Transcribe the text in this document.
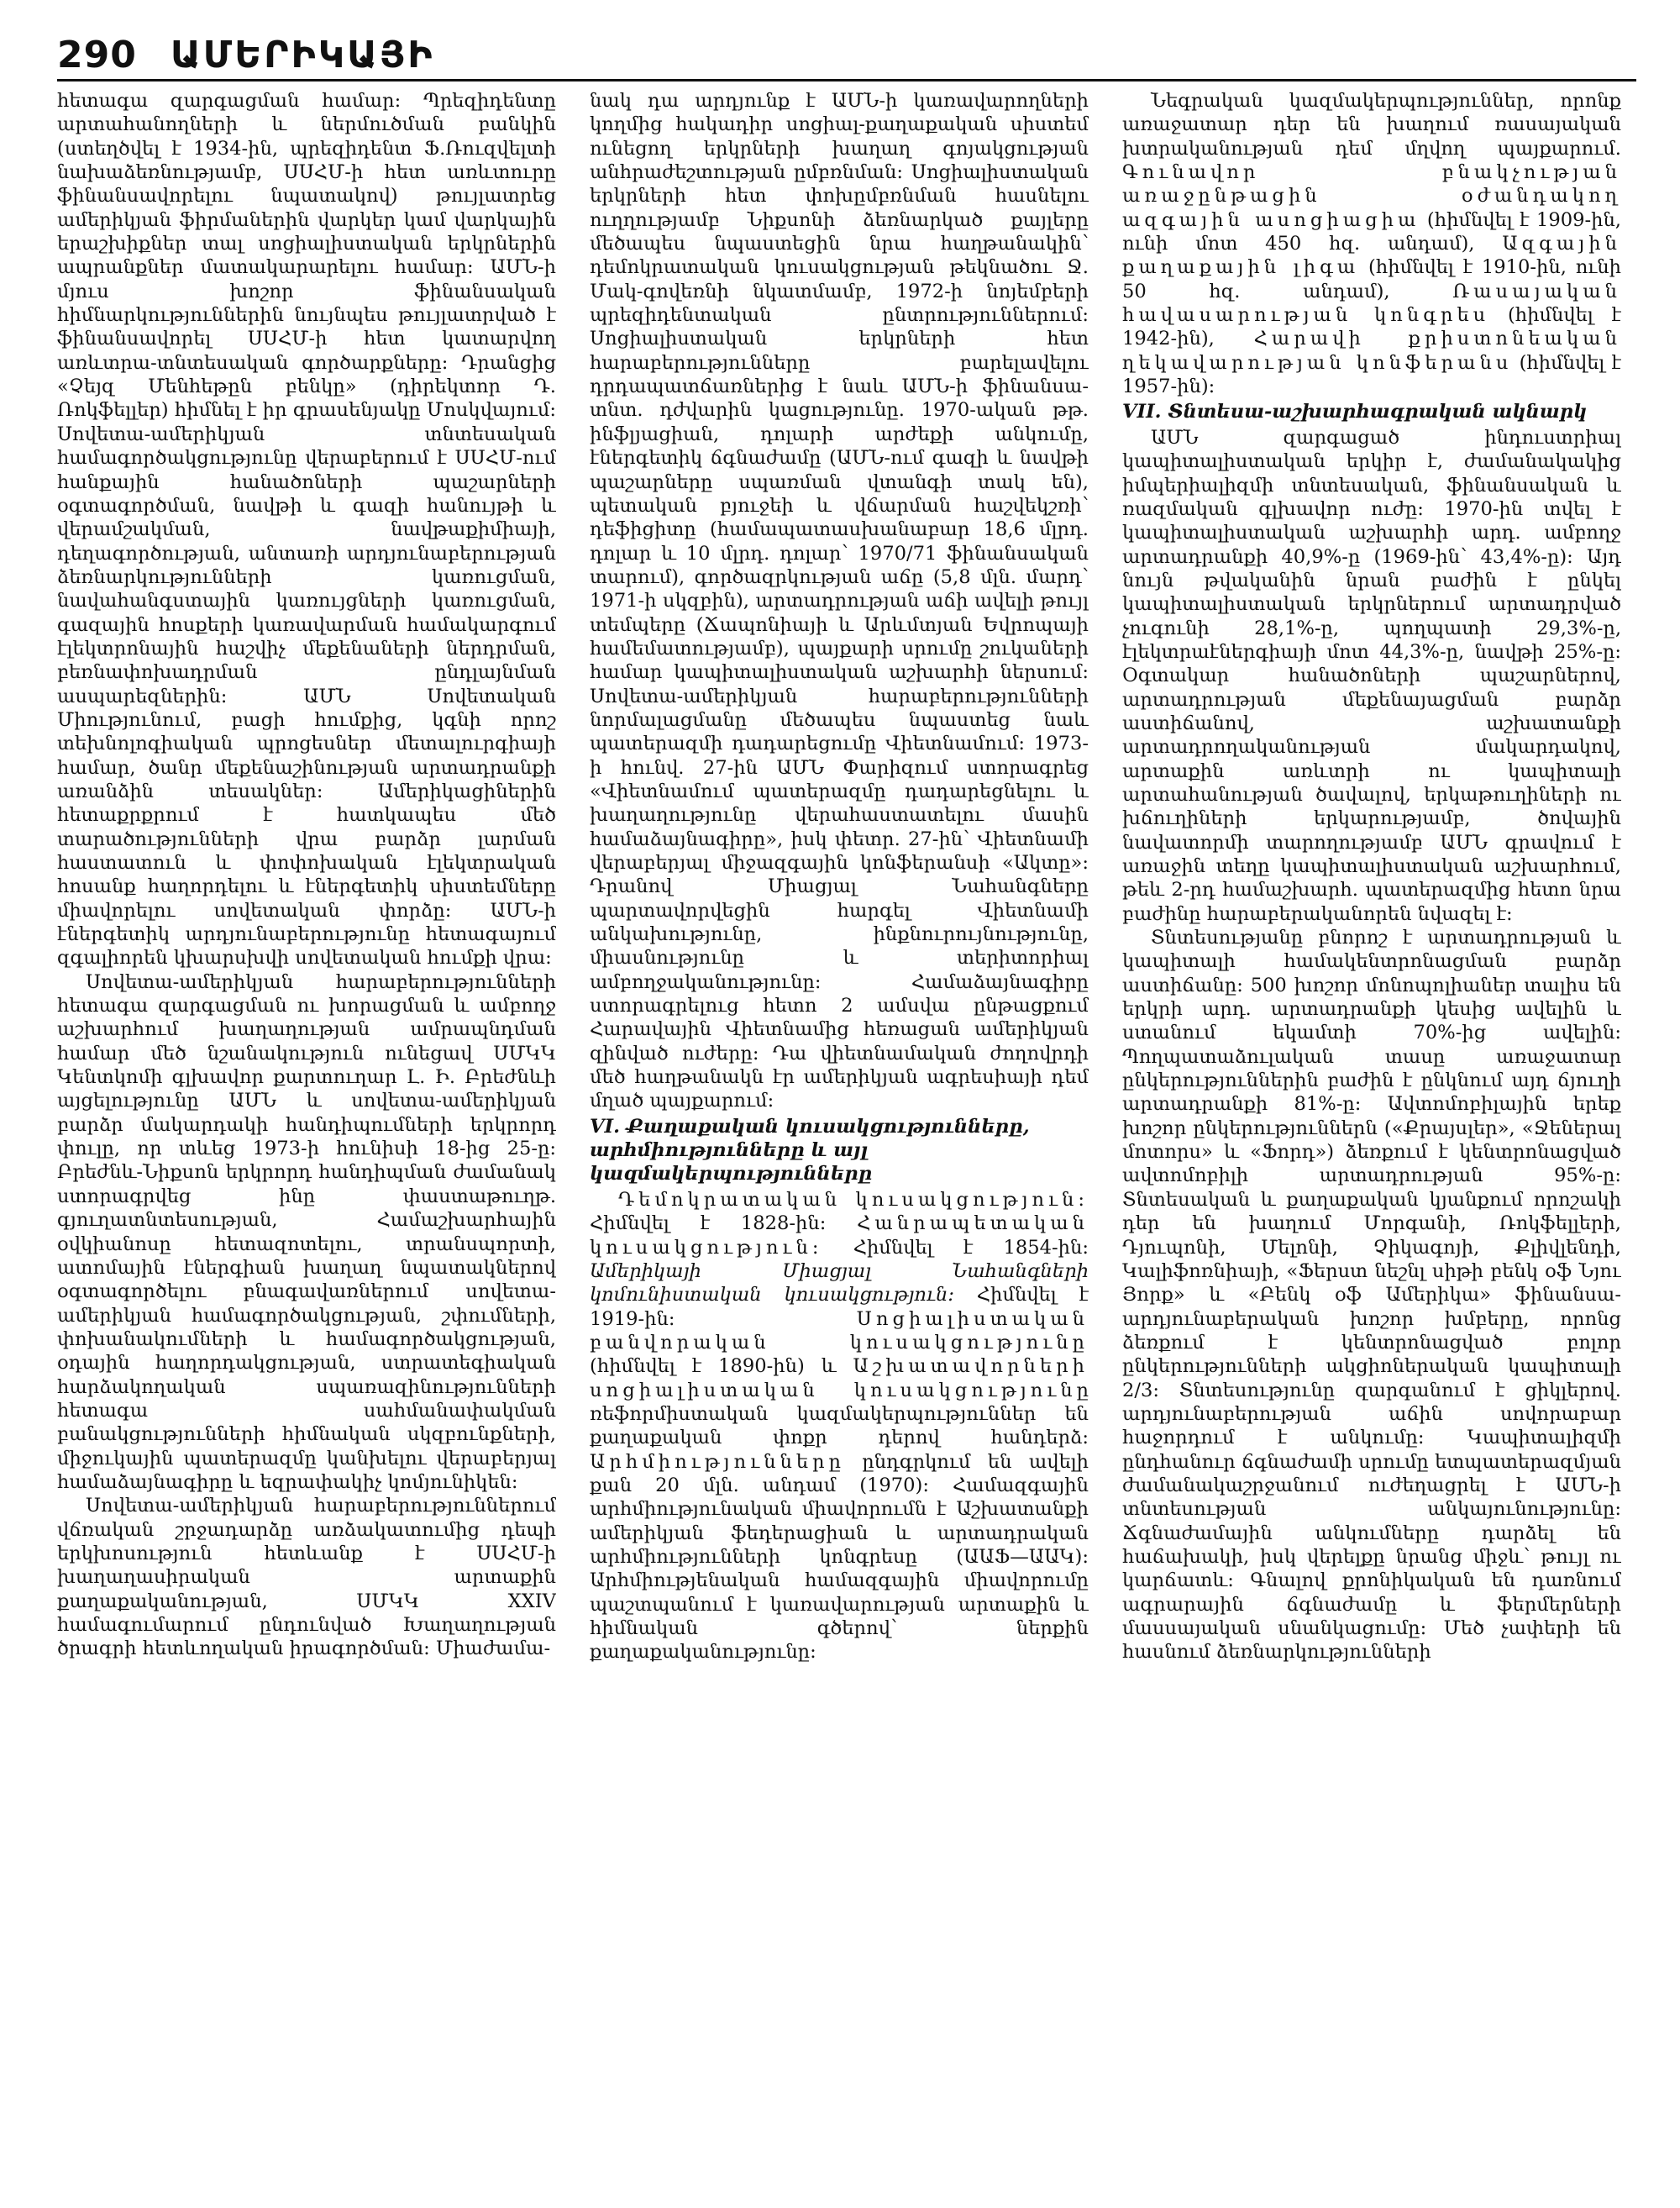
290 ԱՄԵՐԻԿԱՅԻ

հետագա զարգացման համար: Պրեզիդենտը արտահանողների և ներմուծման բանկին (ստեղծվել է 1934-ին, պրեզիդենտ Ֆ.Ռուզվելտի նախաձեռնությամբ, ՍՍՀՄ-ի հետ առևտուրը ֆինանսավորելու նպատակով) թույլատրեց ամերիկյան ֆիրմաներին վարկեր կամ վարկային երաշխիքներ տալ սոցիալիստական երկրներին ապրանքներ մատակարարելու համար: ԱՄՆ-ի մյուս խոշոր ֆինանսական հիմնարկություններին նույնպես թույլատրված է ֆինանսավորել ՍՍՀՄ-ի հետ կատարվող առևտրա-տնտեսական գործարքները: Դրանցից «Չեյզ Մենհեթըն բենկը» (դիրեկտոր Դ. Ռոկֆելլեր) հիմնել է իր գրասենյակը Մոսկվայում: Սովետա-ամերիկյան տնտեսական համագործակցությունը վերաբերում է ՍՍՀՄ-ում հանքային հանածոների պաշարների օգտագործման, նավթի և գազի հանույթի և վերամշակման, նավթաքիմիայի, դեղագործության, անտառի արդյունաբերության ձեռնարկությունների կառուցման, նավահանգստային կառույցների կառուցման, գազային հոսքերի կառավարման համակարգում էլեկտրոնային հաշվիչ մեքենաների ներդրման, բեռնափոխադրման ընդլայնման ասպարեզներին: ԱՄՆ Սովետական Միությունում, բացի հումքից, կգնի որոշ տեխնոլոգիական պրոցեսներ մետալուրգիայի համար, ծանր մեքենաշինության արտադրանքի առանձին տեսակներ: Ամերիկացիներին հետաքրքրում է հատկապես մեծ տարածությունների վրա բարձր լարման հաստատուն և փոփոխական էլեկտրական հոսանք հաղորդելու և էներգետիկ սիստեմները միավորելու սովետական փորձը: ԱՄՆ-ի էներգետիկ արդյունաբերությունը հետագայում զգալիորեն կխարսխվի սովետական հումքի վրա:

Սովետա-ամերիկյան հարաբերությունների հետագա զարգացման ու խորացման և ամբողջ աշխարհում խաղաղության ամրապնդման համար մեծ նշանակություն ունեցավ ՍՄԿԿ Կենտկոմի գլխավոր քարտուղար Լ. Ի. Բրեժնևի այցելությունը ԱՄՆ և սովետա-ամերիկյան բարձր մակարդակի հանդիպումների երկրորդ փուլը, որ տևեց 1973-ի հունիսի 18-ից 25-ը: Բրեժնև-Նիքսոն երկրորդ հանդիպման ժամանակ ստորագրվեց ինը փաստաթուղթ. գյուղատնտեսության, Համաշխարհային օվկիանոսը հետազոտելու, տրանսպորտի, ատոմային էներգիան խաղաղ նպատակներով օգտագործելու բնագավառներում սովետա-ամերիկյան համագործակցության, շփումների, փոխանակումների և համագործակցության, օդային հաղորդակցության, ստրատեգիական հարձակողական սպառազինությունների հետագա սահմանափակման բանակցությունների հիմնական սկզբունքների, միջուկային պատերազմը կանխելու վերաբերյալ համաձայնագիրը և եզրափակիչ կոմյունիկեն:

Սովետա-ամերիկյան հարաբերություններում վճռական շրջադարձը առձակատումից դեպի երկխոսություն հետևանք է ՍՍՀՄ-ի խաղաղասիրական արտաքին քաղաքականության, ՍՄԿԿ XXIV համագումարում ընդունված Խաղաղության ծրագրի հետևողական իրագործման: Միաժամա-

նակ դա արդյունք է ԱՄՆ-ի կառավարողների կողմից հակադիր սոցիալ-քաղաքական սիստեմ ունեցող երկրների խաղաղ գոյակցության անհրաժեշտության ըմբռնման: Սոցիալիստական երկրների հետ փոխըմբռնման հասնելու ուղղությամբ Նիքսոնի ձեռնարկած քայլերը մեծապես նպաստեցին նրա հաղթանակին՝ դեմոկրատական կուսակցության թեկնածու Ջ. Մակ-գովեռնի նկատմամբ, 1972-ի նոյեմբերի պրեզիդենտական ընտրություններում: Սոցիալիստական երկրների հետ հարաբերությունները բարելավելու դրդապատճառներից է նաև ԱՄՆ-ի ֆինանսա-տնտ. դժվարին կացությունը. 1970-ական թթ. ինֆլյացիան, դոլարի արժեքի անկումը, էներգետիկ ճգնաժամը (ԱՄՆ-ում գազի և նավթի պաշարները սպառման վտանգի տակ են), պետական բյուջեի և վճարման հաշվեկշռի՝ դեֆիցիտը (համապատասխանաբար 18,6 մլրդ. դոլար և 10 մլրդ. դոլար՝ 1970/71 ֆինանսական տարում), գործազրկության աճը (5,8 մլն. մարդ՝ 1971-ի սկզբին), արտադրության աճի ավելի թույլ տեմպերը (Ճապոնիայի և Արևմտյան Եվրոպայի համեմատությամբ), պայքարի սրումը շուկաների համար կապիտալիստական աշխարհի ներսում: Սովետա-ամերիկյան հարաբերությունների նորմալացմանը մեծապես նպաստեց նաև պատերազմի դադարեցումը Վիետնամում: 1973-ի հունվ. 27-ին ԱՄՆ Փարիզում ստորագրեց «Վիետնամում պատերազմը դադարեցնելու և խաղաղությունը վերահաստատելու մասին համաձայնագիրը», իսկ փետր. 27-ին՝ Վիետնամի վերաբերյալ միջազգային կոնֆերանսի «Ակտը»: Դրանով Միացյալ Նահանգները պարտավորվեցին հարգել Վիետնամի անկախությունը, ինքնուրույնությունը, միասնությունը և տերիտորիալ ամբողջականությունը: Համաձայնագիրը ստորագրելուց հետո 2 ամսվա ընթացքում Հարավային Վիետնամից հեռացան ամերիկյան զինված ուժերը: Դա վիետնամական ժողովրդի մեծ հաղթանակն էր ամերիկյան ագրեսիայի դեմ մղած պայքարում:

VI. Քաղաքական կուսակցությունները, արհմիությունները և այլ կազմակերպությունները

Դեմոկրատական կուսակցություն: Հիմնվել է 1828-ին: Հանրապետական կուսակցություն: Հիմնվել է 1854-ին: Ամերիկայի Միացյալ Նահանգների կոմունիստական կուսակցություն: Հիմնվել է 1919-ին: Սոցիալիստական բանվորական կուսակցությունը (հիմնվել է 1890-ին) և Աշխատավորների սոցիալիստական կուսակցությունը ռեֆորմիստական կազմակերպություններ են քաղաքական փոքր դերով հանդերձ: Արհմիությունները ընդգրկում են ավելի քան 20 մլն. անդամ (1970): Համազգային արհմիությունական միավորումն է Աշխատանքի ամերիկյան ֆեդերացիան և արտադրական արհմիությունների կոնգրեսը (ԱԱՖ—ԱԱԿ): Արհմիությենական համազգային միավորումը պաշտպանում է կառավարության արտաքին և հիմնական գծերով՝ ներքին քաղաքականությունը:

Նեգրական կազմակերպություններ, որոնք առաջատար դեր են խաղում ռասայական խտրականության դեմ մղվող պայքարում. Գունավոր բնակչության առաջընթացին օժանդակող ազգային ասոցիացիա (հիմնվել է 1909-ին, ունի մոտ 450 հզ. անդամ), Ազգային քաղաքային լիգա (հիմնվել է 1910-ին, ունի 50 հզ. անդամ), Ռասայական հավասարության կոնգրես (հիմնվել է 1942-ին), Հարավի քրիստոնեական ղեկավարության կոնֆերանս (հիմնվել է 1957-ին):

VII. Տնտեսա-աշխարհագրական ակնարկ

ԱՄՆ զարգացած ինդուստրիալ կապիտալիստական երկիր է, ժամանակակից իմպերիալիզմի տնտեսական, ֆինանսական և ռազմական գլխավոր ուժը: 1970-ին տվել է կապիտալիստական աշխարհի արդ. ամբողջ արտադրանքի 40,9%-ը (1969-ին՝ 43,4%-ը): Այդ նույն թվականին նրան բաժին է ընկել կապիտալիստական երկրներում արտադրված չուգունի 28,1%-ը, պողպատի 29,3%-ը, էլեկտրաէներգիայի մոտ 44,3%-ը, նավթի 25%-ը: Օգտակար հանածոների պաշարներով, արտադրության մեքենայացման բարձր աստիճանով, աշխատանքի արտադրողականության մակարդակով, արտաքին առևտրի ու կապիտալի արտահանության ծավալով, երկաթուղիների ու խճուղիների երկարությամբ, ծովային նավատորմի տարողությամբ ԱՄՆ գրավում է առաջին տեղը կապիտալիստական աշխարհում, թեև 2-րդ համաշխարհ. պատերազմից հետո նրա բաժինը հարաբերականորեն նվազել է:

Տնտեսությանը բնորոշ է արտադրության և կապիտալի համակենտրոնացման բարձր աստիճանը: 500 խոշոր մոնոպոլիաներ տալիս են երկրի արդ. արտադրանքի կեսից ավելին և ստանում եկամտի 70%-ից ավելին: Պողպատաձուլական տասը առաջատար ընկերություններին բաժին է ընկնում այդ ճյուղի արտադրանքի 81%-ը: Ավտոմոբիլային երեք խոշոր ընկերություններն («Քրայսլեր», «Ջեներալ մոտորս» և «Ֆորդ») ձեռքում է կենտրոնացված ավտոմոբիլի արտադրության 95%-ը: Տնտեսական և քաղաքական կյանքում որոշակի դեր են խաղում Մորգանի, Ռոկֆելլերի, Դյուպոնի, Մելոնի, Չիկագոյի, Քլիվլենդի, Կալիֆոռնիայի, «Ֆերստ նեշնլ սիթի բենկ օֆ Նյու Յորք» և «Բենկ օֆ Ամերիկա» ֆինանսա-արդյունաբերական խոշոր խմբերը, որոնց ձեռքում է կենտրոնացված բոլոր ընկերությունների ակցիոներական կապիտալի 2/3: Տնտեսությունը զարգանում է ցիկլերով. արդյունաբերության աճին սովորաբար հաջորդում է անկումը: Կապիտալիզմի ընդհանուր ճգնաժամի սրումը ետպատերազմյան ժամանակաշրջանում ուժեղացրել է ԱՄՆ-ի տնտեսության անկայունությունը: Ճգնաժամային անկումները դարձել են հաճախակի, իսկ վերելքը նրանց միջև՝ թույլ ու կարճատև: Գնալով քրոնիկական են դառնում ագրարային ճգնաժամը և ֆերմերների մասսայական սնանկացումը: Մեծ չափերի են հասնում ձեռնարկությունների
